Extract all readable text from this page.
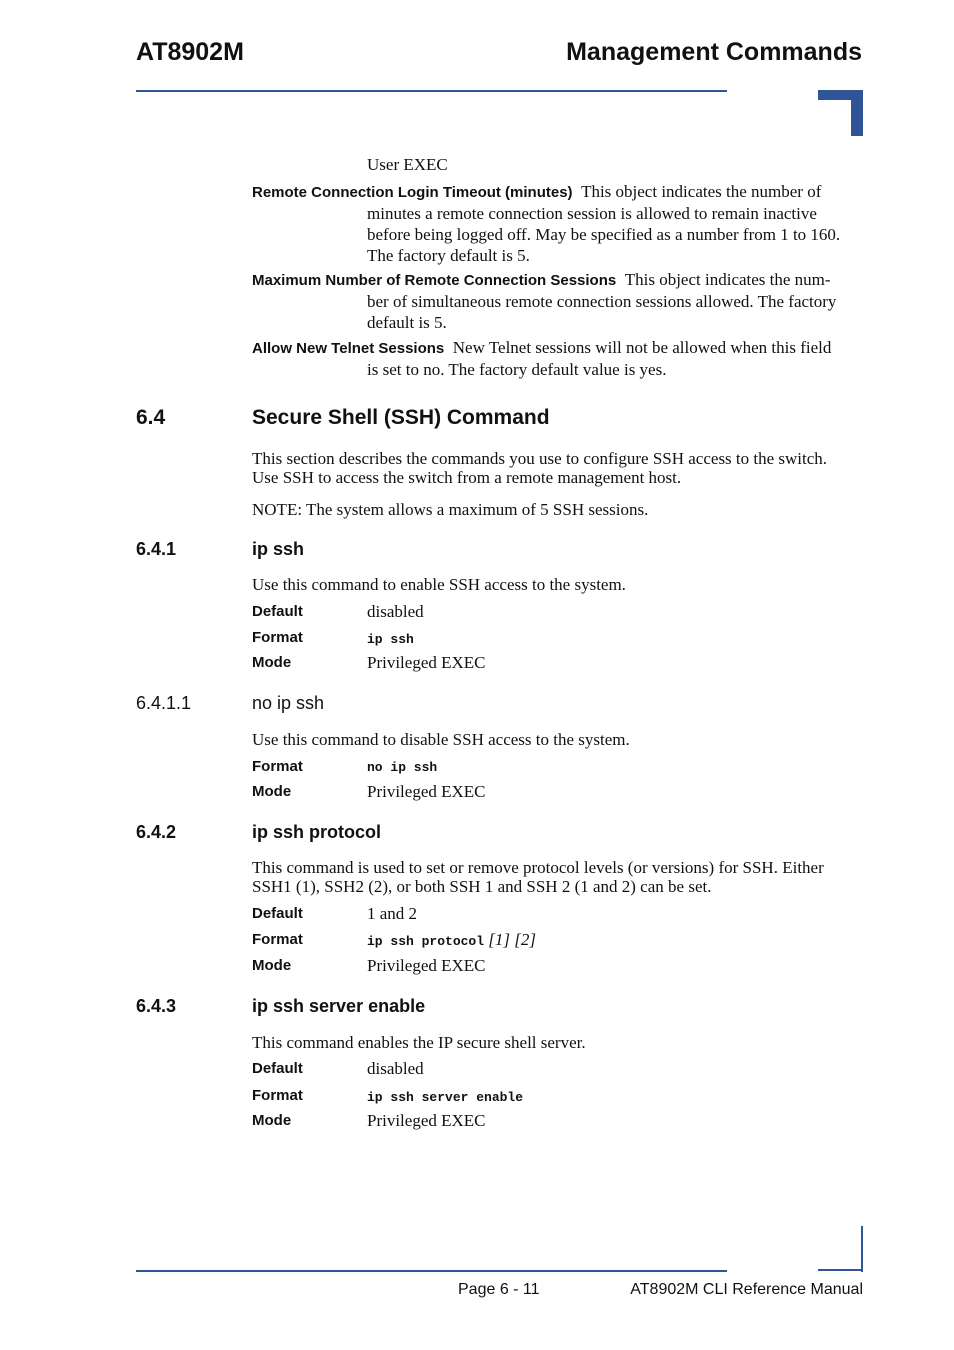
AT8902M	Management Commands
User EXEC
Remote Connection Login Timeout (minutes) This object indicates the number of
minutes a remote connection session is allowed to remain inactive
before being logged off. May be specified as a number from 1 to 160.
The factory default is 5.
Maximum Number of Remote Connection Sessions This object indicates the num-
ber of simultaneous remote connection sessions allowed. The factory
default is 5.
Allow New Telnet Sessions New Telnet sessions will not be allowed when this field
is set to no. The factory default value is yes.
6.4	Secure Shell (SSH) Command
This section describes the commands you use to configure SSH access to the switch.
Use SSH to access the switch from a remote management host.
NOTE: The system allows a maximum of 5 SSH sessions.
6.4.1	ip ssh
Use this command to enable SSH access to the system.
Default	disabled
Format	ip ssh
Mode	Privileged EXEC
6.4.1.1	no ip ssh
Use this command to disable SSH access to the system.
Format	no ip ssh
Mode	Privileged EXEC
6.4.2	ip ssh protocol
This command is used to set or remove protocol levels (or versions) for SSH. Either
SSH1 (1), SSH2 (2), or both SSH 1 and SSH 2 (1 and 2) can be set.
Default	1 and 2
Format	ip ssh protocol [1] [2]
Mode	Privileged EXEC
6.4.3	ip ssh server enable
This command enables the IP secure shell server.
Default	disabled
Format	ip ssh server enable
Mode	Privileged EXEC
Page 6 - 11	AT8902M CLI Reference Manual
